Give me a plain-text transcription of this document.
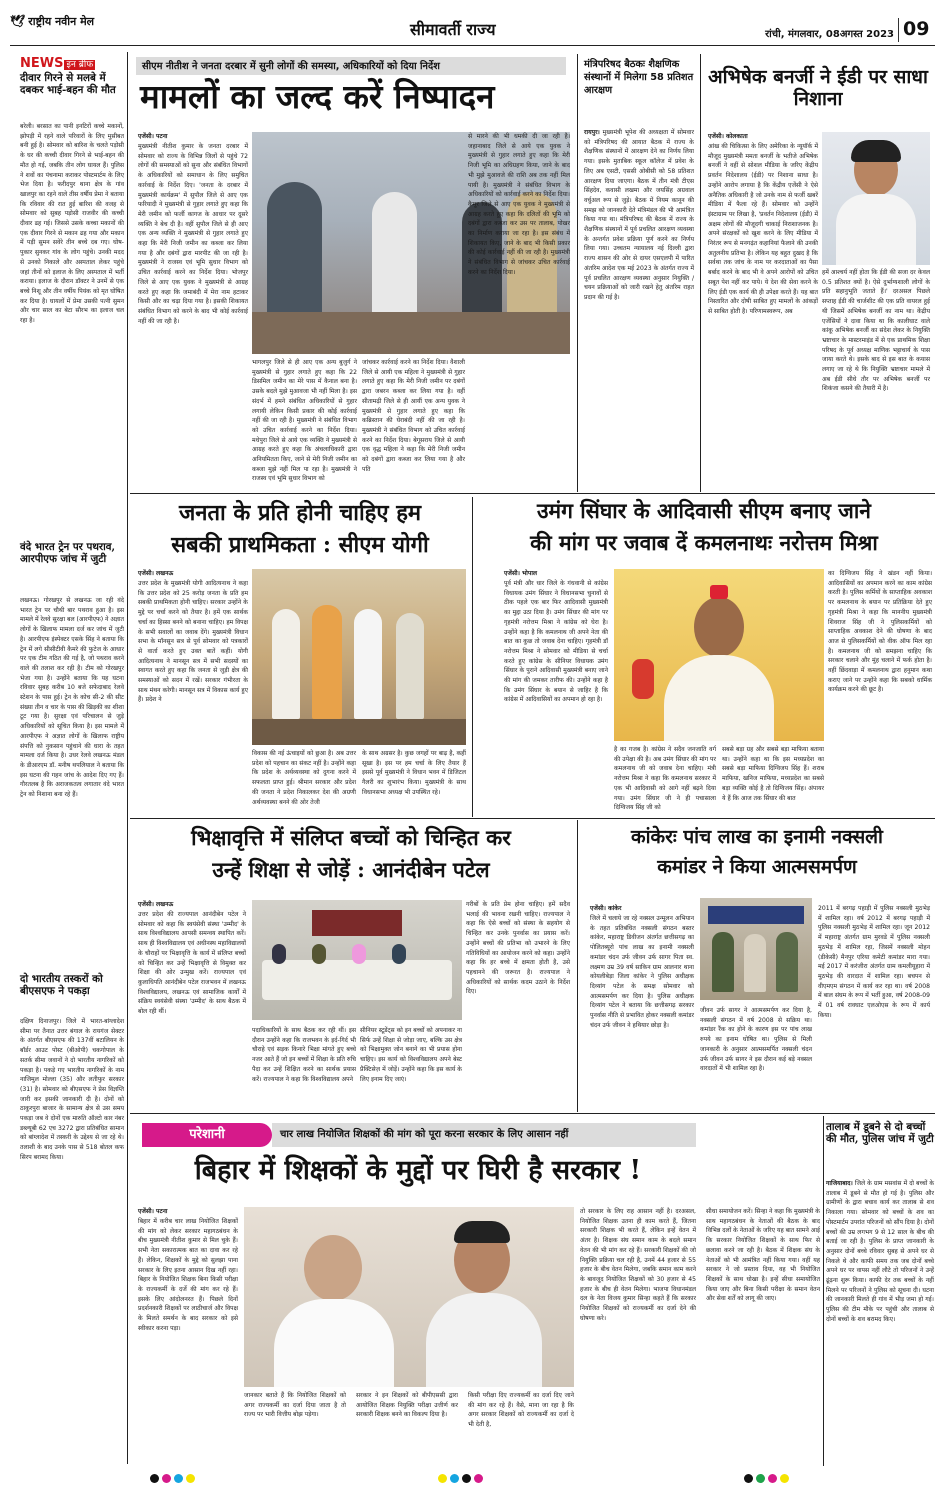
🕊 राष्ट्रीय नवीन मेल	सीमावर्ती राज्य	रांची, मंगलवार, 08अगस्त 2023 09
NEWS इन ब्रीफ
दीवार गिरने से मलबे में दबकर भाई-बहन की मौत
बरेली। बरसात का पानी इनटिरों कच्चे मकानों, झोपड़ी में रहने वाले परिवारों के लिए मुसीबत बनी हुई है। सोमवार को बारिश के चलते पड़ोसी के घर की कच्ची दीवार गिरने से भाई-बहन की मौत हो गई, जबकि तीन लोग घायल हैं। पुलिस ने शवों का पंचनामा कराकर पोस्टमार्टम के लिए भेज दिया है। फरीदपुर थाना क्षेत्र के गांव खालपुर का रहने वाले तीस वर्षीय प्रेमा ने बताया कि रविवार की रात हुई बारिश की वजह से सोमवार को सुबह पड़ोसी राजवीर की कच्ची दीवार ढह गई। जिससे उसके कच्चा मकानों की एक दीवार गिरने से मकान ढह गया और मकान में पड़ी सुमन सवेरे तीन बच्चे दब गए। घोष-पुकार सुनकर गांव के लोग पहुंचे। उनकी मदद से उनको निकाले और अस्पताल लेकर पहुंचे जहां तीनों को इलाज के लिए अस्पताल में भर्ती कराया। इलाज के दौरान डॉक्टर ने उनमें से एक बच्चे निशू और तीन वर्षीय पियंक को मृत घोषित कर दिया है। घायलों में प्रेमा उसकी पत्नी सुमन और चार साल का बेटा सौरभ का इलाज चल रहा है।
वंदे भारत ट्रेन पर पथराव, आरपीएफ जांच में जुटी
लखनऊ। गोरखपुर से लखनऊ जा रही वंदे भारत ट्रेन पर चौथी बार पथराव हुआ है। इस मामले में रेलवे सुरक्षा बल (आरपीएफ) ने अज्ञात लोगों के खिलाफ मामला दर्ज कर जांच में जुटी है। आरपीएफ इंस्पेक्टर एसके सिंह ने बताया कि ट्रेन में लगे सीसीटीवी कैमरे की फुटेज के आधार पर एक टीम गठित की गई है, जो पथराव करने वाले की तलाश कर रही है। टीम को गोरखपुर भेजा गया है। उन्होंने बताया कि यह घटना रविवार सुबह करीब 10 बजे सफेदाबाद रेलवे स्टेशन के पास हुई। ट्रेन के कोच सी-2 की सीट संख्या तीन व चार के पास की खिड़की का शीशा टूट गया है। सुरक्षा एवं परिचालन से जुड़े अधिकारियों को सूचित किया है। इस मामले में आरपीएफ ने अज्ञात लोगों के खिलाफ राष्ट्रीय संपत्ति को नुकसान पहुंचाने की धारा के तहत मामला दर्ज किया है। उधर रेलवे लखनऊ मंडल के डीआरएम डॉ. मनीष थपलियाल ने बताया कि इस घटना की गहन जांच के आदेश दिए गए हैं। गौरतलब है कि अराजकतत्व लगातार वंदे भारत ट्रेन को निशाना बना रहे हैं।
दो भारतीय तस्करों को बीएसएफ ने पकड़ा
दक्षिण दिनाजपुर। जिले में भारत-बांग्लादेश सीमा पर तैनात उत्तर बंगाल के रायगंज सेक्टर के अंतर्गत बीएसएफ की 137वीं बटालियन के बॉर्डर आउट पोस्ट (बीओपी) चकगोपाल के सतर्क सीमा जवानों ने दो भारतीय नागरिकों को पकड़ा है। पकड़े गए भारतीय नागरिकों के नाम नाजिमुल मोल्ला (35) और लतीफुर सरकार (31) है। सोमवार को बीएसएफ ने प्रेस विज्ञप्ति जारी कर इसकी जानकारी दी है। दोनों को ठाकुरपुरा बाजार के सामान्य क्षेत्र से उस समय पकड़ा जब वे दोनों एक मारुति ऑल्टो कार नंबर डब्ल्यूबी 62 एच 3272 द्वारा प्रतिबंधित सामान को बांग्लादेश में तस्करी के उद्देश्य से जा रहे थे। तलाशी के बाद उनके पास से 518 बोतल कफ सिरप बरामद किया।
सीएम नीतीश ने जनता दरबार में सुनी लोगों की समस्या, अधिकारियों को दिया निर्देश
मामलों का जल्द करें निष्पादन
एजेंसी। पटना
मुख्यमंत्री नीतीश कुमार के जनता दरबार में सोमवार को राज्य के विभिन्न जिलों से पहुंचे 72 लोगों की समस्याओं को सुना और संबंधित विभागों के अधिकारियों को समाधान के लिए समुचित कार्रवाई के निर्देश दिए। 'जनता के दरबार में मुख्यमंत्री कार्यक्रम' में सुपौल जिले से आए एक फरियादी ने मुख्यमंत्री से गुहार लगाते हुए कहा कि मेरी जमीन को फर्जी कागज के आधार पर दूसरे व्यक्ति ने बेच दी है। वहीं सुपौल जिले से ही आए एक अन्य व्यक्ति ने मुख्यमंत्री से गुहार लगाते हुए कहा कि मेरी निजी जमीन का कब्जा कर लिया गया है और दबंगों द्वारा मारपीट की जा रही है। मुख्यमंत्री ने राजस्व एवं भूमि सुधार विभाग को उचित कार्रवाई करने का निर्देश दिया। भोजपुर जिले से आए एक युवक ने मुख्यमंत्री से आग्रह करते हुए कहा कि जमाबंदी में मेरा नाम हटाकर किसी और का चढ़ा दिया गया है। इसकी शिकायत संबंधित विभाग को करने के बाद भी कोई कार्रवाई नहीं की जा रही है।
भागलपुर जिले से ही आए एक अन्य बुजुर्ग ने मुख्यमंत्री से गुहार लगाते हुए कहा कि 22 डिसमिल जमीन का मेरे पास में कैनाल बना है। उसके बदले मुझे मुआवजा भी नहीं मिला है। इस संदर्भ में हमने संबंधित अधिकारियों से गुहार लगायी लेकिन किसी प्रकार की कोई कार्रवाई नहीं की जा रही है। मुख्यमंत्री ने संबंधित विभाग को उचित कार्रवाई करने का निर्देश दिया। मधेपुरा जिले से आये एक व्यक्ति ने मुख्यमंत्री से आग्रह करते हुए कहा कि अंचलाधिकारी द्वारा अनियमितता किए, जाने से मेरी निजी जमीन का कब्जा मुझे नहीं मिल पा रहा है। मुख्यमंत्री ने राजस्व एवं भूमि सुधार विभाग को
जांचकर कार्रवाई करने का निर्देश दिया। वैशाली जिले से आयी एक महिला ने मुख्यमंत्री से गुहार लगाते हुए कहा कि मेरी निजी जमीन पर दबंगों द्वारा जबरन कब्जा कर लिया गया है। वहीं सीतामढ़ी जिले से ही आयीं एक अन्य युवक ने मुख्यमंत्री से गुहार लगाते हुए कहा कि कब्रिस्तान की घेराबंदी नहीं की जा रही है। मुख्यमंत्री ने संबंधित विभाग को उचित कार्रवाई करने का निर्देश दिया। बेगूसराय जिले से आयी एक वृद्ध महिला ने कहा कि मेरी निजी जमीन को दबंगों द्वारा कब्जा कर लिया गया है और पति
से मारने की भी धमकी दी जा रही है। जहानाबाद जिले से आये एक युवक ने मुख्यमंत्री से गुहार लगाते हुए कहा कि मेरी निजी भूमि का अधिग्रहण किया, जाने के बाद भी मुझे मुआवजे की राशि अब तक नहीं मिल पायी है। मुख्यमंत्री ने संबंधित विभाग के अधिकारियों को कार्रवाई करने का निर्देश दिया। कैमूर जिले से आए एक युवक ने मुख्यमंत्री से आग्रह करते हुए कहा कि दलितों की भूमि को दबंगों द्वारा कब्जा कर उस पर तालाब, पोखर का निर्माण कराया जा रहा है। इस संबंध में शिकायत किए, जाने के बाद भी किसी प्रकार की कोई कार्रवाई नहीं की जा रही है। मुख्यमंत्री ने संबंधित विभाग से जांचकर उचित कार्रवाई करने का निर्देश दिया।
मंत्रिपरिषद बैठकः शैक्षणिक संस्थानों में मिलेगा 58 प्रतिशत आरक्षण
रायपुर। मुख्यमंत्री भूपेश की अध्यक्षता में सोमवार को मंत्रिपरिषद की आयात बैठक में राज्य के शैक्षणिक संस्थानों में आरक्षण देने का निर्णय लिया गया। इसके मुताबिक स्कूल कॉलेज में प्रवेश के लिए अब एसटी, एससी ओबीसी को 58 प्रतिशत आरक्षण दिया जाएगा। बैठक में तीन मंत्री टीएस सिंहदेव, कवासी लखमा और जयसिंह अग्रवाल वर्चुअल रूप से जुड़े। बैठक में नियम कानून की समझ को जानकारी देते मंत्रिमंडल की भी आमंत्रित किया गया था। मंत्रिपरिषद की बैठक में राज्य के शैक्षणिक संस्थानों में पूर्व प्रचलित आरक्षण व्यवस्था के अन्तर्गत प्रवेश प्रक्रिया पूर्ण करने का निर्णय लिया गया। उच्चतम न्यायालय नई दिल्ली द्वारा राज्य शासन की ओर से दायर एसएलपी में पारित अंतरिम आदेश एक मई 2023 के अंतर्गत राज्य में पूर्व प्रचलित आरक्षण व्यवस्था अनुसार नियुक्ति / चयन प्रक्रियाओं को जारी रखने हेतु अंतरिम राहत प्रदान की गई है।
अभिषेक बनर्जी ने ईडी पर साधा निशाना
एजेंसी। कोलकाता
आंख की चिकित्सा के लिए अमेरिका के न्यूयॉर्क में मौजूद मुख्यमंत्री ममता बनर्जी के भतीजे अभिषेक बनर्जी ने वहीं से सोशल मीडिया के जरिए केंद्रीय प्रवर्तन निदेशालय (ईडी) पर निशाना साधा है। उन्होंने आरोप लगाया है कि केंद्रीय एजेंसी ने ऐसे अनैतिक अधिकारी है जो उनके नाम से फर्जी खबरें मीडिया में फैला रहे हैं। सोमवार को उन्होंने इंस्टाग्राम पर लिखा है, 'प्रवर्तन निदेशालय (ईडी) में अक्षम लोगों की मौजूदगी चाकाई निराशाजनक है। अपने संरक्षकों को खुश करने के लिए मीडिया में निरंतर रूप से मनगढ़ंत कहानियां फैलाने की उनकी अतुलनीय प्रतिभा है। लेकिन यह बहुत दुखद है कि सर्वथा तक जांच के नाम पर करदाताओं का पैसा बर्बाद करने के बाद भी वे अपने आरोपों को उचित सबूत पेश नहीं कर पाये। ये देश की सेवा करने के लिए ईडी एक कार्य की ही उपेक्षा करते हैं। यह बात निस्तारित और दोषी साबित हुए मामलों के आंकड़ों से साबित होती है। परिणामस्वरूप, अब
हमें आश्चर्य नहीं होता कि ईडी की सजा दर केवल 0.5 प्रतिशत क्यों है। ऐसे दुर्भाग्यशाली लोगों के प्रति सहानुभूति जताते हैं।' दरअसल पिछले सप्ताह ईडी की चार्जशीट की एक प्रति वायरल हुई थी जिसमें अभिषेक बनर्जी का नाम था। केंद्रीय एजेंसियों ने दावा किया था कि कालीघाट वाले कांकू अभिषेक बनर्जी का संदेश लेकर के नियुक्ति भ्रष्टाचार के मास्टरमाइंड में से एक प्राथमिक शिक्षा परिषद के पूर्व अध्यक्ष माणिक भट्टाचार्य के पास जाया करते थे। इसके बाद से इस बात के कयास लगाए जा रहे थे कि नियुक्ति भ्रष्टाचार मामले में अब ईडी सीधे तौर पर अभिषेक बनर्जी पर शिकंजा कसने की तैयारी में है।
जनता के प्रति होनी चाहिए हम
सबकी प्राथमिकता : सीएम योगी
एजेंसी। लखनऊ
उत्तर प्रदेश के मुख्यमंत्री योगी आदित्यनाथ ने कहा कि उत्तर प्रदेश को 25 करोड़ जनता के प्रति हम सबकी प्राथमिकता होनी चाहिए। सरकार उन्होंने के मुद्दे पर चर्चा करने को तैयार है। हमें एक सार्थक चर्चा का हिस्सा बनने को बनाना चाहिए। हम विपक्ष के सभी सवालों का जवाब देंगे। मुख्यमंत्री विधान सभा के मॉनसून सत्र से पूर्व सोमवार को पत्रकारों से वार्ता करते हुए उक्त बातें कहीं। योगी आदित्यनाथ ने मानसून सत्र में सभी सदस्यों का स्वागत करते हुए कहा कि जनता से जुड़ी क्षेत्र की समस्याओं को सदन में रखें। सरकार गंभीरता के साथ मंथन करेगी। मानसून सत्र में विकास कार्य हुए हैं। प्रदेश ने
विकास की नई ऊंचाइयों को छुआ है। अब उत्तर प्रदेश को पहचान का संकट नहीं है। उन्होंने कहा कि प्रदेश के अर्थव्यवस्था को दुगना करने में सफलता प्राप्त हुई। श्रीमान सरकार और प्रदेश की जनता ने प्रदेश निकालकर देश की अग्रणी अर्थव्यवस्था बनने की ओर तेजी
के साथ अग्रसर है। कुछ जगहों पर बाढ़ है, कहीं सूखा है। इस पर हम चर्चा के लिए तैयार हैं इससे पूर्व मुख्यमंत्री ने विधान भवन में डिजिटल गैलरी का शुभारंभ किया। मुख्यमंत्री के साथ विधानसभा अध्यक्ष भी उपस्थित रहे।
उमंग सिंघार के आदिवासी सीएम बनाए जाने
की मांग पर जवाब दें कमलनाथः नरोत्तम मिश्रा
एजेंसी। भोपाल
पूर्व मंत्री और धार जिले के गंधवानी से कांग्रेस विधायक उमंग सिंघार ने विधानसभा चुनावों से ठीक पहले एक बार फिर आदिवासी मुख्यमंत्री का मुद्दा उठा दिया है। उमंग सिंघार की मांग पर गृहमंत्री नरोत्तम मिश्रा ने कांग्रेस को घेरा है। उन्होंने कहा है कि कमलनाथ जी अपने नेता की बात का कुछ तो जवाब देना चाहिए। गृहमंत्री डॉ नरोत्तम मिश्रा ने सोमवार को मीडिया से चर्चा करते हुए कांग्रेस के सीनियर विधायक उमंग सिंघार के पुराने आदिवासी मुख्यमंत्री बनाए जाने की मांग की जमकर तारीफ की। उन्होंने कहा है कि उमंग सिंघार के बयान से जाहिर है कि कांग्रेस में आदिवासियों का अपमान हो रहा है।
है का गजब है। कांग्रेस ने सदैव जनजाति वर्ग की उपेक्षा की है। अब उमंग सिंघार की मांग पर कमलनाथ जी को जवाब देना चाहिए। मंत्री नरोत्तम मिश्रा ने कहा कि कमलनाथ सरकार में एक भी आदिवासी को आगे नहीं बढ़ने दिया गया। उमंग सिंघार जी ने ही पचासाला दिग्विजय सिंह जी को
सबसे बड़ा ग्रह और सबसे बड़ा माफिया बताया था। उन्होंने कहा था कि इस मध्यप्रदेश का सबसे बड़ा माफिया दिग्विजय सिंह हैं। शराब माफिया, खनिज माफिया, मध्यप्रदेश का सबसे बड़ा व्यक्ति कोई है तो दिग्विजय सिंह। अंपायर ये हैं कि आज तक सिंघार की बात
का दिग्विजय सिंह ने खंडन नहीं किया। आदिवासियों का अपमान करने का काम कांग्रेस करती है। पुलिस कर्मियों के साप्ताहिक अवकाश पर कमलनाथ के बयान पर प्रतिक्रिया देते हुए गृहमंत्री मिश्रा ने कहा कि माननीय मुख्यमंत्री शिवराज सिंह जी ने पुलिसकर्मियों को साप्ताहिक अवकाश देने की घोषणा के बाद आज से पुलिसकर्मियों को वीक ऑफ मिल रहा है। कमलनाथ जी को समझना चाहिए कि सरकार चलाने और मुंह चलाने में फर्क होता है। वहीं छिंदवाड़ा में कमलनाथ द्वारा हनुमान कथा कराए जाने पर उन्होंने कहा कि सबको धार्मिक कार्यक्रम करने की छूट है।
भिक्षावृत्ति में संलिप्त बच्चों को चिन्हित कर
उन्हें शिक्षा से जोड़ें : आनंदीबेन पटेल
एजेंसी। लखनऊ
उत्तर प्रदेश की राज्यपाल आनंदीबेन पटेल ने सोमवार को कहा कि स्वयंसेवी संस्था 'उम्मीद' के साथ विश्वविद्यालय आपसी समन्वय स्थापित करें। साथ ही विश्वविद्यालय एवं अधीनस्थ महाविद्यालयों के चौराहों पर भिक्षावृत्ति के कार्य में संलिप्त बच्चों को चिन्हित कर उन्हें भिक्षावृत्ति से विमुक्त कर शिक्षा की ओर उन्मुख करें। राज्यपाल एवं कुलाधिपति आनंदीबेन पटेल राजभवन में लखनऊ विश्वविद्यालय, लखनऊ एवं सामाजिक कार्यों में संक्रिय स्वयंसेवी संस्था 'उम्मीद' के साथ बैठक में बोल रही थीं।
पदाधिकारियों के साथ बैठक कर रही थीं। इस दौरान उन्होंने कहा कि राजभवन के इर्द-गिर्द भी चौराहे एवं सड़क किनारे भिक्षा मांगते हुए बच्चे नजर आते हैं जो इन बच्चों में शिक्षा के प्रति रुचि पैदा कर उन्हें शिक्षित करने का सार्थक प्रयास करें। राज्यपाल ने कहा कि विश्वविद्यालय अपने
सीनियर स्टूडेंट्स को इन बच्चों को अपनाकर ना सिर्फ उन्हें शिक्षा से जोड़ा जाए, बल्कि उस क्षेत्र को भिक्षामुक्त जोन बनाने का भी प्रयास होना चाहिए। इस कार्य को विश्वविद्यालय अपने बेस्ट प्रैक्टिसेज़ में जोड़ें। उन्होंने कहा कि इस कार्य के लिए इनाम दिए जाएं।
गरीबों के प्रति प्रेम होना चाहिए। हमें सदैव भलाई की भावना रखनी चाहिए। राज्यपाल ने कहा कि ऐसे बच्चों को संस्था के सहयोग से चिन्हित कर उनके पुनर्वास का प्रयास करें। उन्होंने बच्चों की प्रतिभा को उभारने के लिए गतिविधियों का आयोजन करने को कहा। उन्होंने कहा कि हर बच्चे में क्षमता होती है, उसे पहचानने की जरूरत है। राज्यपाल ने अधिकारियों को सार्थक कदम उठाने के निर्देश दिए।
कांकेरः पांच लाख का इनामी नक्सली
कमांडर ने किया आत्मसमर्पण
एजेंसी। कांकेर
जिले में चलाये जा रहे नक्सल उन्मूलन अभियान के तहत प्रतिबंधित नक्सली संगठन बस्तर कांकेर, महाराष्ट्र डिवीजन अंतर्गत छत्तीसगढ़ का पोलितब्यूरो पांच लाख का इनामी नक्सली कमांडर चंदन उर्फ जीवन उर्फ सागर पिता स्व. लक्ष्मण उम्र 39 वर्ष साकिन ग्राम आलनार थाना कोयलीबेड़ा जिला कांकेर ने पुलिस अधीक्षक दिव्यांग पटेल के समक्ष सोमवार को आत्मसमर्पण कर दिया है। पुलिस अधीक्षक दिव्यांग पटेल ने बताया कि छत्तीसगढ़ सरकार पुनर्वास नीति से प्रभावित होकर नक्सली कमांडर चंदन उर्फ जीवन ने हथियार छोड़ा है।
जीवन उर्फ सागर ने आत्मसमर्पण कर दिया है, नक्सली संगठन में वर्ष 2008 से सक्रिय था। कमांडर रैंक का होने के कारण इस पर पांच लाख रुपये का इनाम घोषित था। पुलिस से मिली जानकारी के अनुसार आत्मसमर्पित नक्सली चंदन उर्फ जीवन उर्फ सागर ने इस दौरान कई बड़े नक्सल वारदातों में भी शामिल रहा है।
2011 में बरगढ़ पहाड़ी में पुलिस नक्सली मुठभेड़ में शामिल रहा। वर्ष 2012 में बरगढ़ पहाड़ी में पुलिस नक्सली मुठभेड़ में शामिल रहा। जून 2012 में महाराष्ट्र अंतर्गत ग्राम मुरवडे में पुलिस नक्सली मुठभेड़ में शामिल रहा, जिसमें नक्सली मोहन (डीकेसी) मैनपुर एरिया कमेटी कमांडर मारा गया। मई 2017 में करंजीरा अंतर्गत ग्राम कमलीयूहारा में मुठभेड़ की वारदात में शामिल रहा। बचपन से वीएमएम संगठन में कार्य कर रहा था। वर्ष 2008 में बाल संघम के रूप में भर्ती हुआ, वर्ष 2008-09 में 01 वर्ष रावघाट एलओएस के रूप में कार्य किया।
परेशानी	चार लाख नियोजित शिक्षकों की मांग को पूरा करना सरकार के लिए आसान नहीं
बिहार में शिक्षकों के मुद्दों पर घिरी है सरकार !
एजेंसी। पटना
बिहार में करीब चार लाख नियोजित शिक्षकों की मांग को लेकर सरकार महागठबंधन के बीच मुख्यमंत्री नीतीश कुमार से मिल चुके हैं। सभी नेता सकारात्मक बात का दावा कर रहे हैं। लेकिन, शिक्षकों के मुद्दे को सुलझा पाना सरकार के लिए इतना आसान दिख नहीं रहा। बिहार के नियोजित शिक्षक बिना किसी परीक्षा के राज्यकर्मी के दर्जे की मांग कर रहे हैं। इसके लिए आंदोलनरत हैं। पिछले दिनों प्रदर्शनकारी शिक्षकों पर लाठीचार्ज और विपक्ष के मिलते समर्थन के बाद सरकार को इसे स्वीकार करना पड़ा।
जानकार बताते हैं कि नियोजित शिक्षकों को अगर राज्यकर्मी का दर्जा दिया जाता है तो राज्य पर भारी वित्तीय बोझ पड़ेगा।
सरकार ने इन शिक्षकों को बीपीएससी द्वारा आयोजित शिक्षक नियुक्ति परीक्षा उत्तीर्ण कर सरकारी शिक्षक बनने का विकल्प दिया है।
किसी परीक्षा दिए राज्यकर्मी का दर्जा दिए जाने की मांग कर रहे हैं। वैसे, माना जा रहा है कि अगर सरकार शिक्षकों को राज्यकर्मी का दर्जा दे भी देती है,
तो सरकार के लिए राह आसान नहीं है। दरअसल, नियोजित शिक्षक उतना ही काम करते हैं, जितना सरकारी शिक्षक भी करते हैं, लेकिन इन्हें वेतन में अंतर है। शिक्षक संघ समान काम के बदले समान वेतन की भी मांग कर रहे हैं। सरकारी शिक्षकों की जो नियुक्ति प्रक्रिया चल रही है, उनमें 44 हजार से 55 हजार के बीच वेतन मिलेगा, जबकि समान काम करने के बावजूद नियोजित शिक्षकों को 30 हजार से 45 हजार के बीच ही वेतन मिलेगा। भाजपा विधानमंडल दल के नेता विजय कुमार सिन्हा कहते हैं कि सरकार नियोजित शिक्षकों को राज्यकर्मी का दर्जा देने की घोषणा करे।
सीधा समायोजन करें। सिन्हा ने कहा कि मुख्यमंत्री के साथ महागठबंधन के नेताओं की बैठक के बाद विभिन्न दलों के नेताओं के जरिए यह बात सामने आई कि सरकार नियोजित शिक्षकों के साथ फिर से छलावा करने जा रही है। बैठक में शिक्षक संघ के नेताओं को भी आमंत्रित नहीं किया गया। वहीं यह सरकार ने जो प्रस्ताव दिया, वह भी नियोजित शिक्षकों के साथ धोखा है। इन्हें सीधा समायोजित किया जाए और बिना किसी परीक्षा के समान वेतन और सेवा शर्तें को लागू की जाए।
तालाब में डूबने से दो बच्चों की मौत, पुलिस जांच में जुटी
गाजियाबाद। जिले के ग्राम मसवांस में दो बच्चों के तालाब में डूबने से मौत हो गई है। पुलिस और ग्रामीणों के द्वारा बचाव कार्य कर तालाब से शव निकाला गया। सोमवार को बच्चों के शव का पोस्टमार्टम उपरांत परिजनों को सौंप दिया है। दोनों बच्चों की उम्र लगभग 9 से 12 साल के बीच की बताई जा रही है। पुलिस के प्राप्त जानकारी के अनुसार दोनों बच्चे रविवार सुबह से अपने घर से निकले थे और काफी समय तक जब दोनों बच्चे अपने घर पर वापस नहीं लौटे तो परिजनों ने उन्हें ढूंढ़ना शुरू किया। काफी देर तक बच्चों के नहीं मिलने पर परिजनों ने पुलिस को सूचना दी। घटना की जानकारी मिलते ही गांव में भीड़ जमा हो गई। पुलिस की टीम मौके पर पहुंची और तालाब से दोनों बच्चों के शव बरामद किए।
